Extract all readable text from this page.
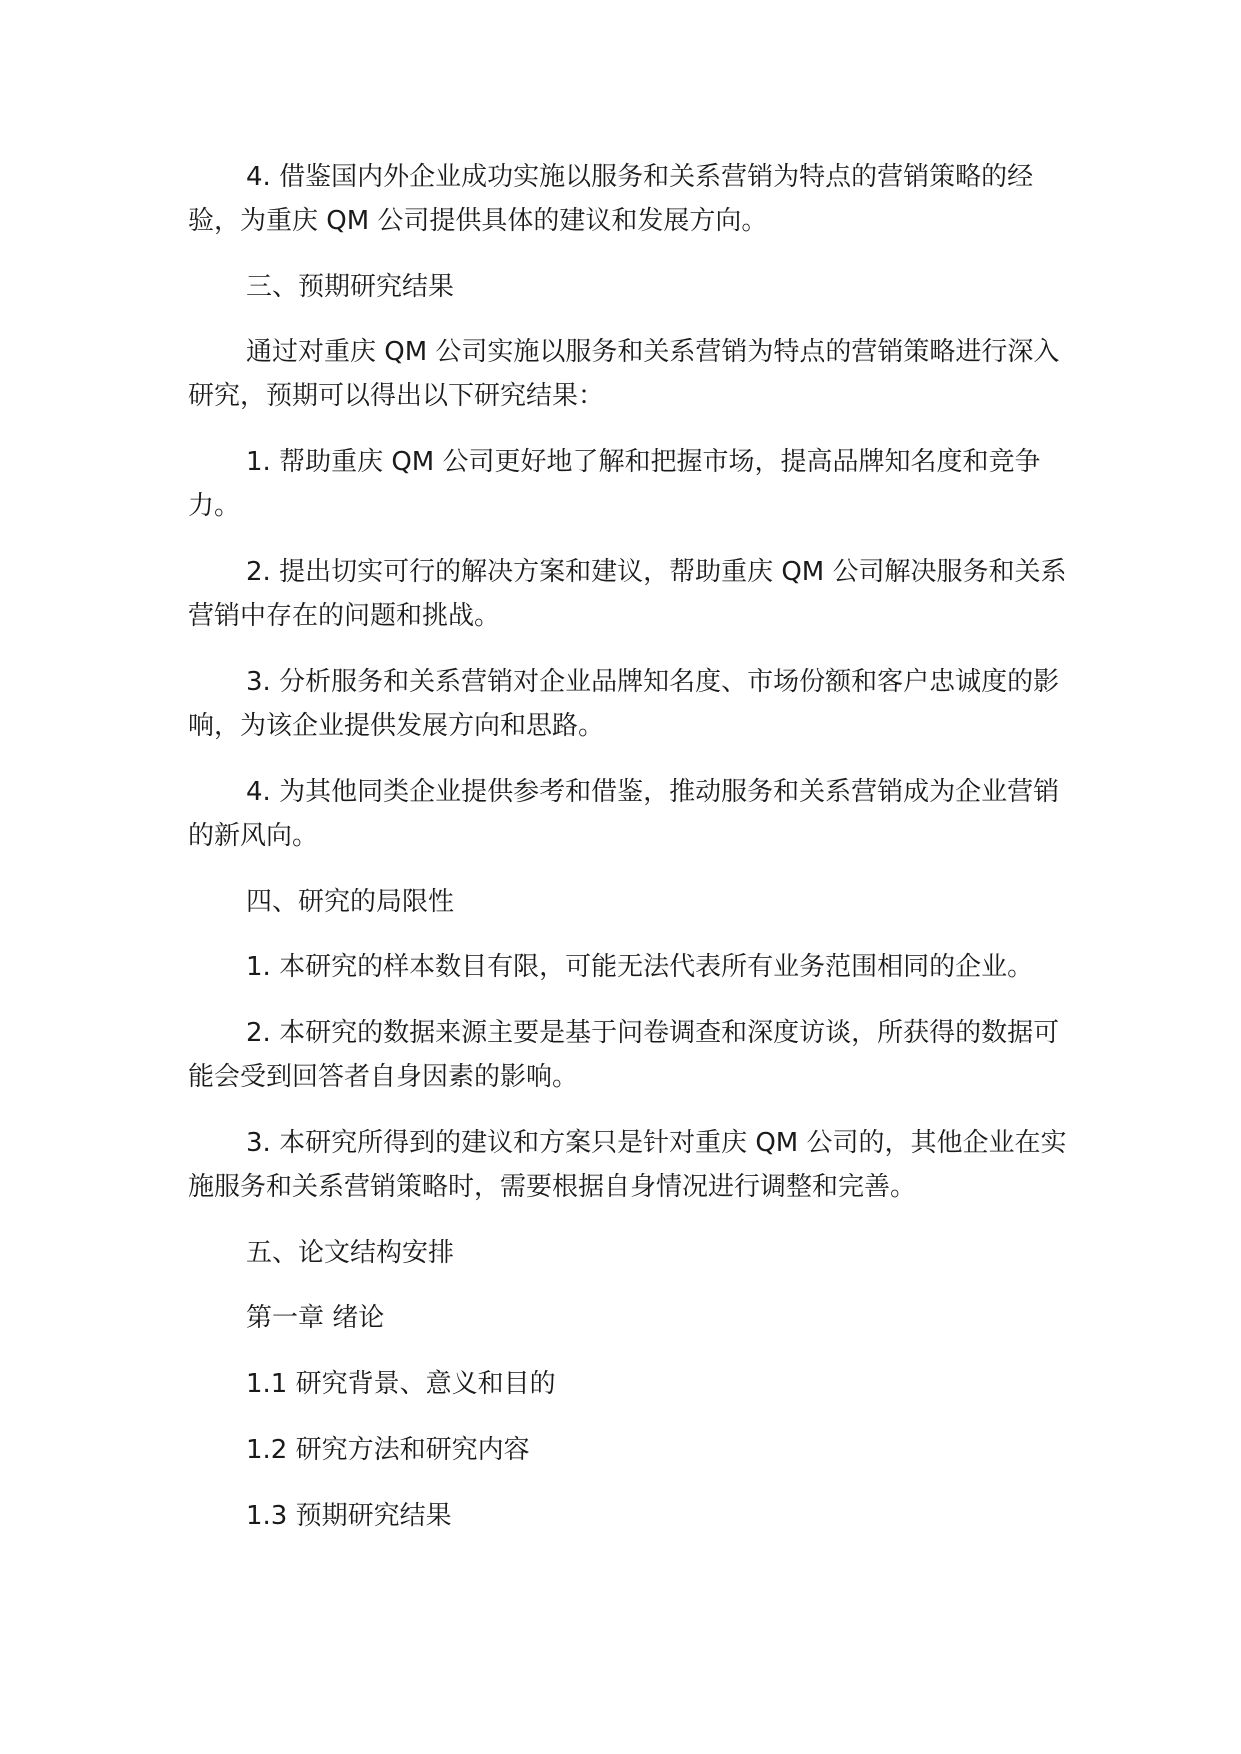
4. 借鉴国内外企业成功实施以服务和关系营销为特点的营销策略的经验，为重庆 QM 公司提供具体的建议和发展方向。

三、预期研究结果

通过对重庆 QM 公司实施以服务和关系营销为特点的营销策略进行深入研究，预期可以得出以下研究结果：

1. 帮助重庆 QM 公司更好地了解和把握市场，提高品牌知名度和竞争力。

2. 提出切实可行的解决方案和建议，帮助重庆 QM 公司解决服务和关系营销中存在的问题和挑战。

3. 分析服务和关系营销对企业品牌知名度、市场份额和客户忠诚度的影响，为该企业提供发展方向和思路。

4. 为其他同类企业提供参考和借鉴，推动服务和关系营销成为企业营销的新风向。

四、研究的局限性

1. 本研究的样本数目有限，可能无法代表所有业务范围相同的企业。

2. 本研究的数据来源主要是基于问卷调查和深度访谈，所获得的数据可能会受到回答者自身因素的影响。

3. 本研究所得到的建议和方案只是针对重庆 QM 公司的，其他企业在实施服务和关系营销策略时，需要根据自身情况进行调整和完善。

五、论文结构安排

第一章 绪论

1.1 研究背景、意义和目的

1.2 研究方法和研究内容

1.3 预期研究结果
